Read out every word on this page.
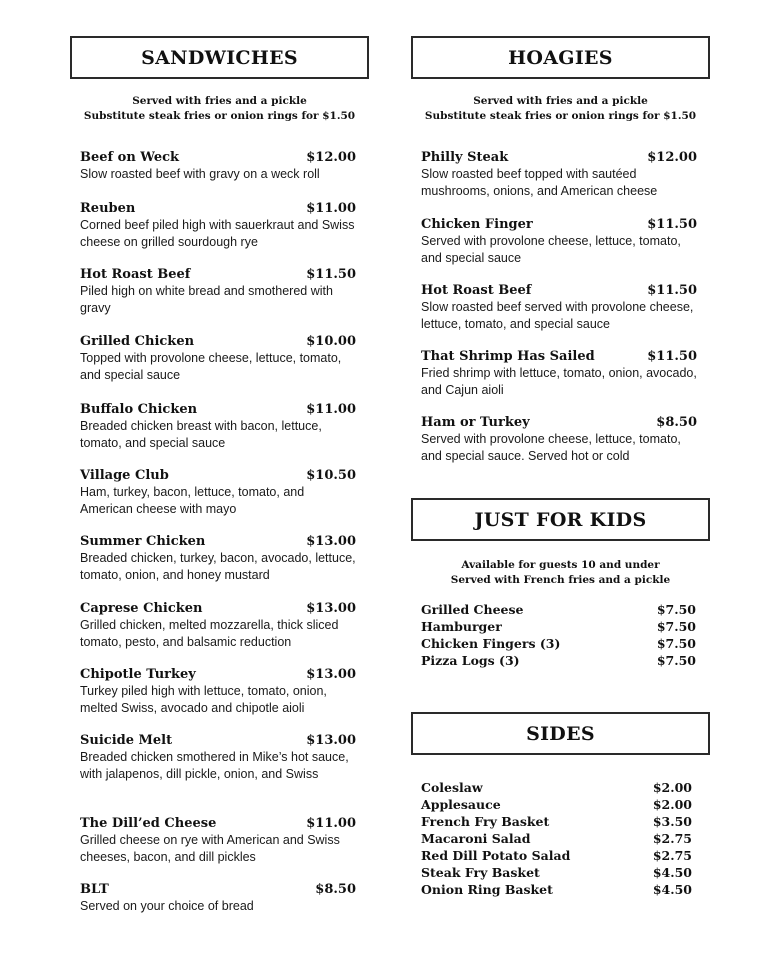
SANDWICHES
Served with fries and a pickle
Substitute steak fries or onion rings for $1.50
Beef on Weck	$12.00
Slow roasted beef with gravy on a weck roll
Reuben	$11.00
Corned beef piled high with sauerkraut and Swiss cheese on grilled sourdough rye
Hot Roast Beef	$11.50
Piled high on white bread and smothered with gravy
Grilled Chicken	$10.00
Topped with provolone cheese, lettuce, tomato, and special sauce
Buffalo Chicken	$11.00
Breaded chicken breast with bacon, lettuce, tomato, and special sauce
Village Club	$10.50
Ham, turkey, bacon, lettuce, tomato, and American cheese with mayo
Summer Chicken	$13.00
Breaded chicken, turkey, bacon, avocado, lettuce, tomato, onion, and honey mustard
Caprese Chicken	$13.00
Grilled chicken, melted mozzarella, thick sliced tomato, pesto, and balsamic reduction
Chipotle Turkey	$13.00
Turkey piled high with lettuce, tomato, onion, melted Swiss, avocado and chipotle aioli
Suicide Melt	$13.00
Breaded chicken smothered in Mike’s hot sauce, with jalapenos, dill pickle, onion, and Swiss
The Dill’ed Cheese	$11.00
Grilled cheese on rye with American and Swiss cheeses, bacon, and dill pickles
BLT	$8.50
Served on your choice of bread
HOAGIES
Served with fries and a pickle
Substitute steak fries or onion rings for $1.50
Philly Steak	$12.00
Slow roasted beef topped with sautéed mushrooms, onions, and American cheese
Chicken Finger	$11.50
Served with provolone cheese, lettuce, tomato, and special sauce
Hot Roast Beef	$11.50
Slow roasted beef served with provolone cheese, lettuce, tomato, and special sauce
That Shrimp Has Sailed	$11.50
Fried shrimp with lettuce, tomato, onion, avocado, and Cajun aioli
Ham or Turkey	$8.50
Served with provolone cheese, lettuce, tomato, and special sauce. Served hot or cold
JUST FOR KIDS
Available for guests 10 and under
Served with French fries and a pickle
Grilled Cheese	$7.50
Hamburger	$7.50
Chicken Fingers (3)	$7.50
Pizza Logs (3)	$7.50
SIDES
Coleslaw	$2.00
Applesauce	$2.00
French Fry Basket	$3.50
Macaroni Salad	$2.75
Red Dill Potato Salad	$2.75
Steak Fry Basket	$4.50
Onion Ring Basket	$4.50
